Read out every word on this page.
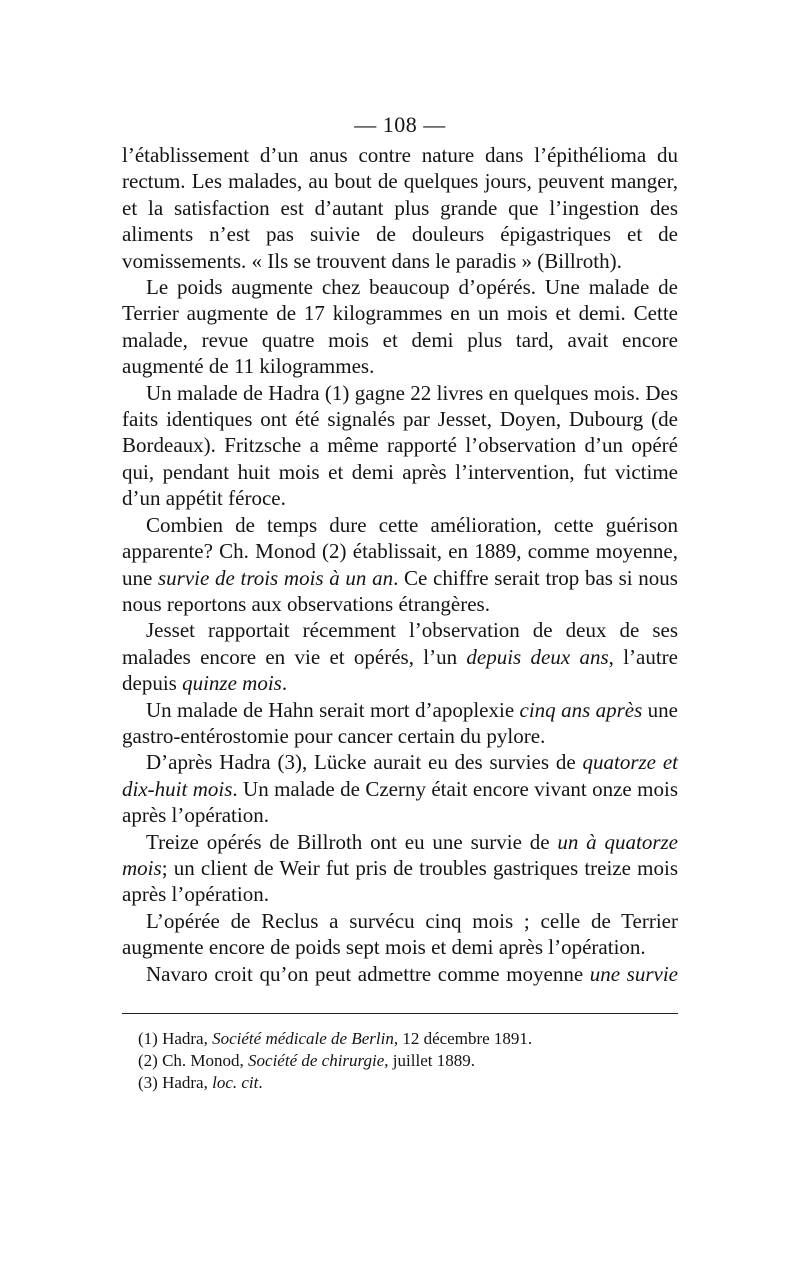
— 108 —

l’établissement d’un anus contre nature dans l’épithélioma du rectum. Les malades, au bout de quelques jours, peuvent manger, et la satisfaction est d’autant plus grande que l’ingestion des aliments n’est pas suivie de douleurs épigastriques et de vomissements. « Ils se trouvent dans le paradis » (Billroth).

Le poids augmente chez beaucoup d’opérés. Une malade de Terrier augmente de 17 kilogrammes en un mois et demi. Cette malade, revue quatre mois et demi plus tard, avait encore augmenté de 11 kilogrammes.

Un malade de Hadra (1) gagne 22 livres en quelques mois. Des faits identiques ont été signalés par Jesset, Doyen, Dubourg (de Bordeaux). Fritzsche a même rapporté l’observation d’un opéré qui, pendant huit mois et demi après l’intervention, fut victime d’un appétit féroce.

Combien de temps dure cette amélioration, cette guérison apparente? Ch. Monod (2) établissait, en 1889, comme moyenne, une survie de trois mois à un an. Ce chiffre serait trop bas si nous nous reportons aux observations étrangères.

Jesset rapportait récemment l’observation de deux de ses malades encore en vie et opérés, l’un depuis deux ans, l’autre depuis quinze mois.

Un malade de Hahn serait mort d’apoplexie cinq ans après une gastro-entérostomie pour cancer certain du pylore.

D’après Hadra (3), Lücke aurait eu des survies de quatorze et dix-huit mois. Un malade de Czerny était encore vivant onze mois après l’opération.

Treize opérés de Billroth ont eu une survie de un à quatorze mois; un client de Weir fut pris de troubles gastriques treize mois après l’opération.

L’opérée de Reclus a survécu cinq mois ; celle de Terrier augmente encore de poids sept mois et demi après l’opération.

Navaro croit qu’on peut admettre comme moyenne une survie

(1) Hadra, Société médicale de Berlin, 12 décembre 1891.

(2) Ch. Monod, Société de chirurgie, juillet 1889.

(3) Hadra, loc. cit.
